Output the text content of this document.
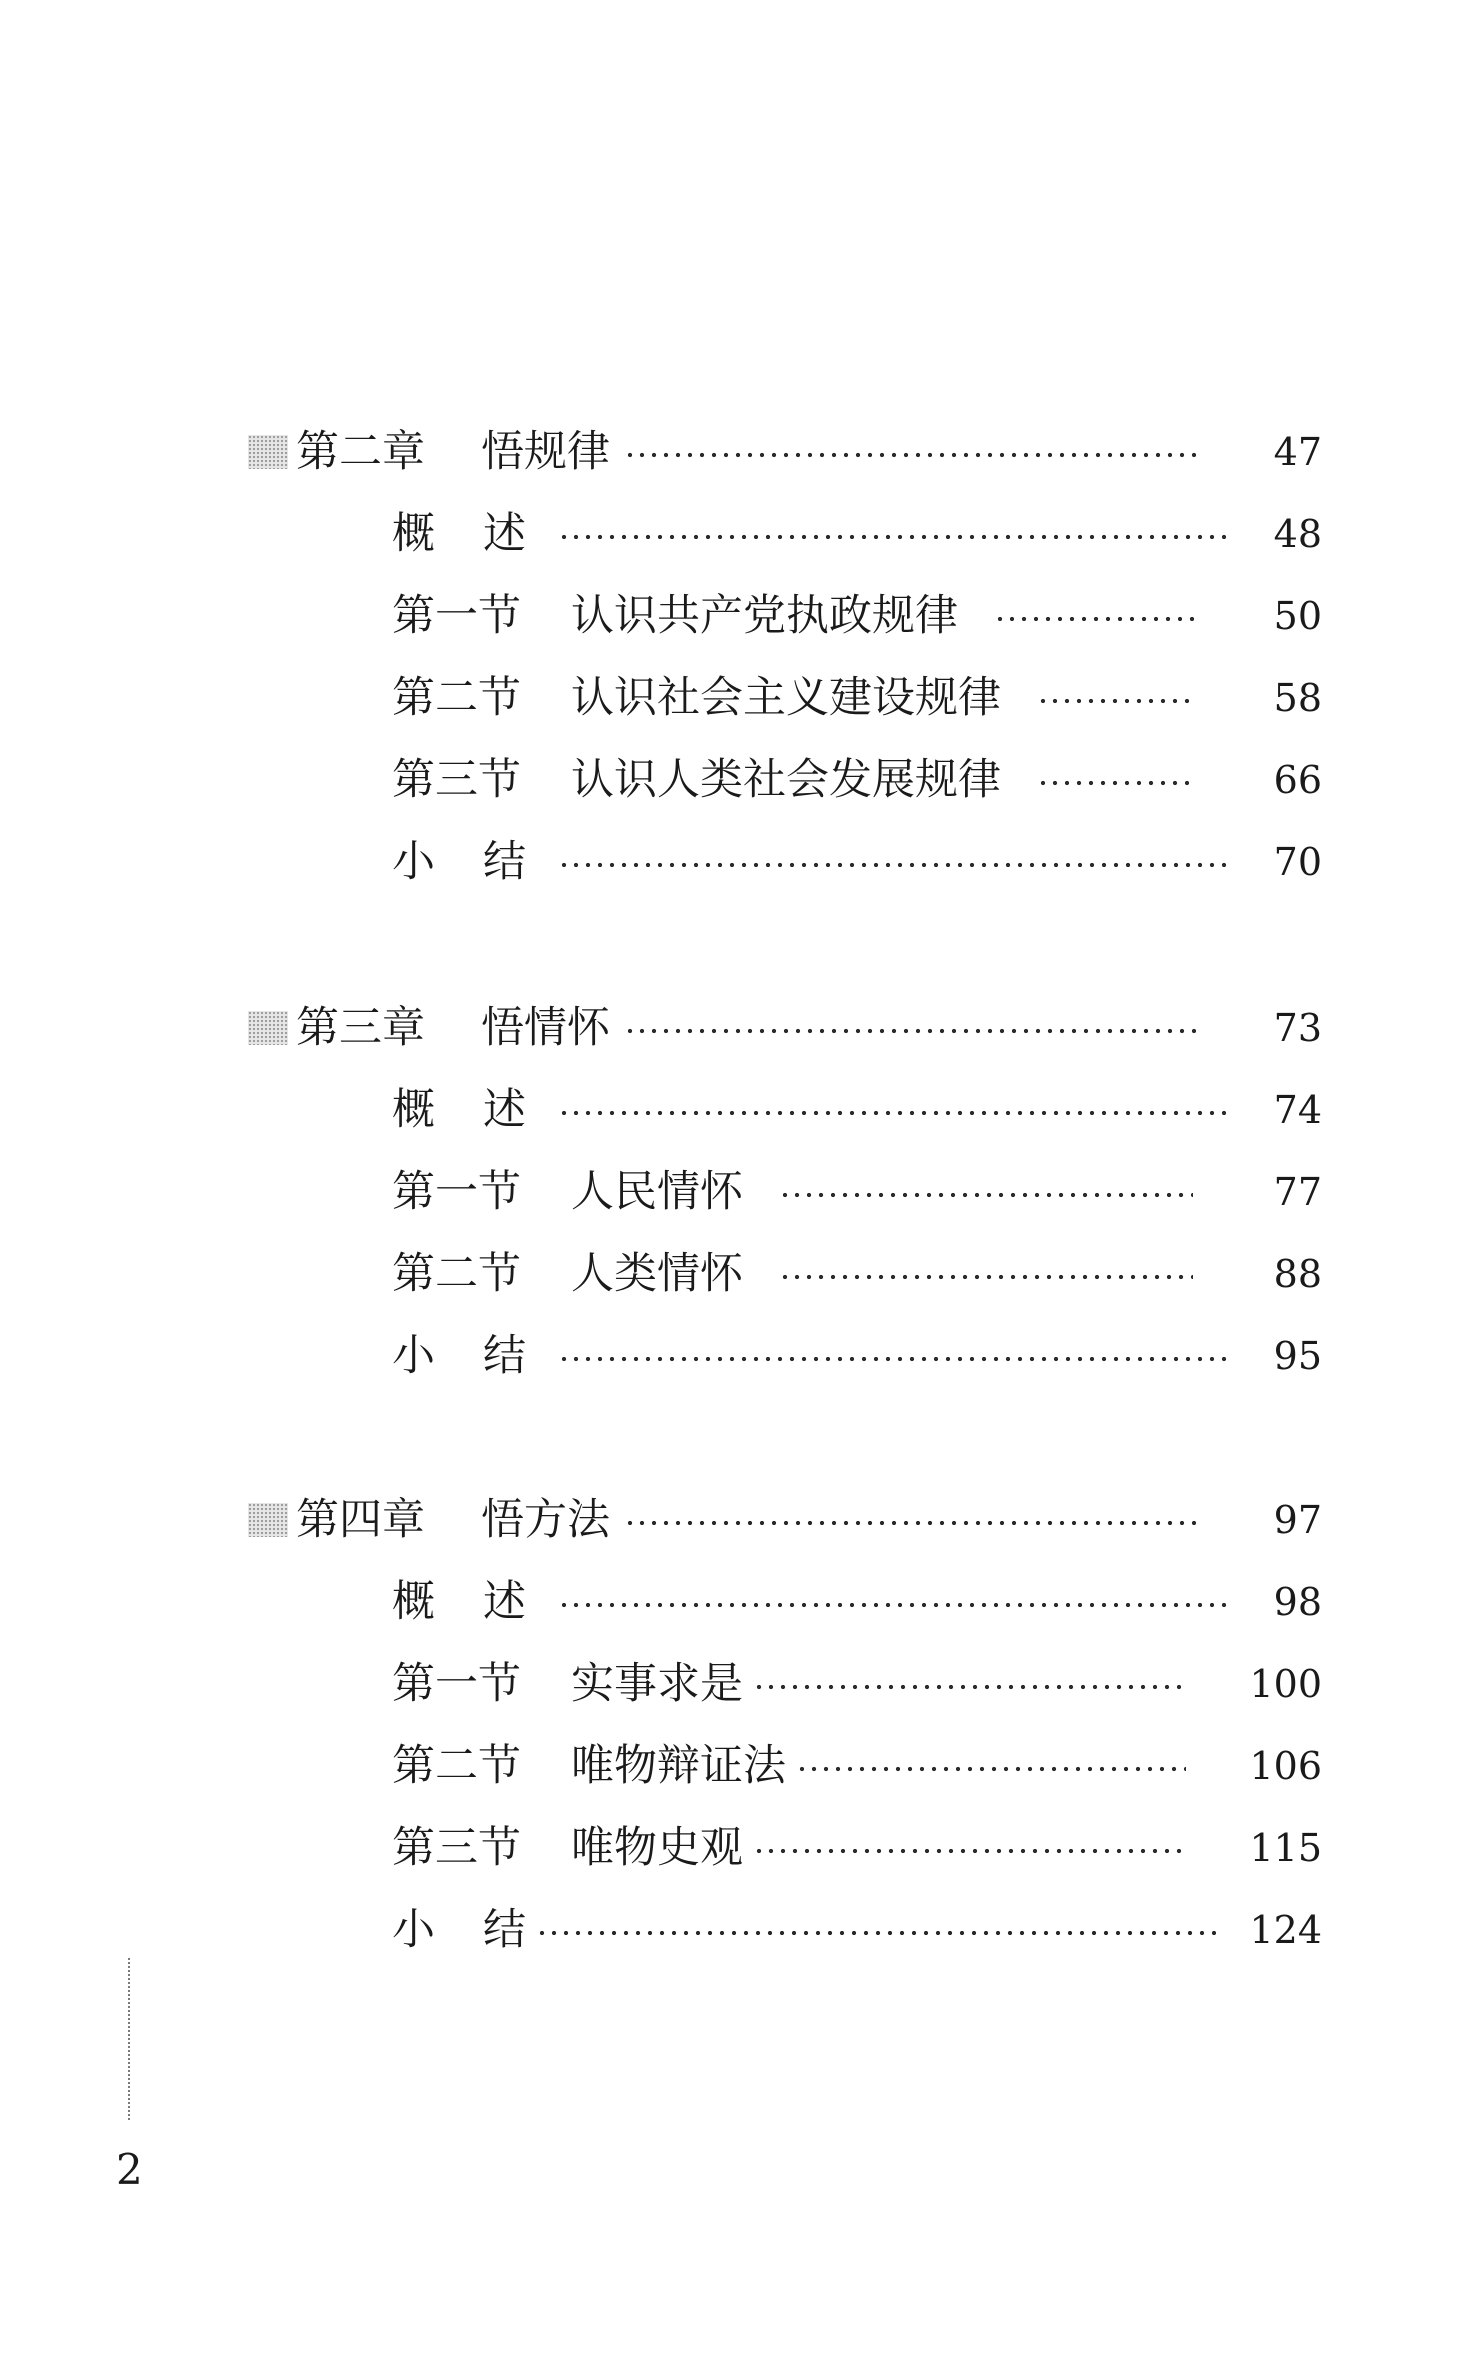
第二章 悟规律	47
概 述	48
第一节 认识共产党执政规律	50
第二节 认识社会主义建设规律	58
第三节 认识人类社会发展规律	66
小 结	70
第三章 悟情怀	73
概 述	74
第一节 人民情怀	77
第二节 人类情怀	88
小 结	95
第四章 悟方法	97
概 述	98
第一节 实事求是	100
第二节 唯物辩证法	106
第三节 唯物史观	115
小 结	124
2
